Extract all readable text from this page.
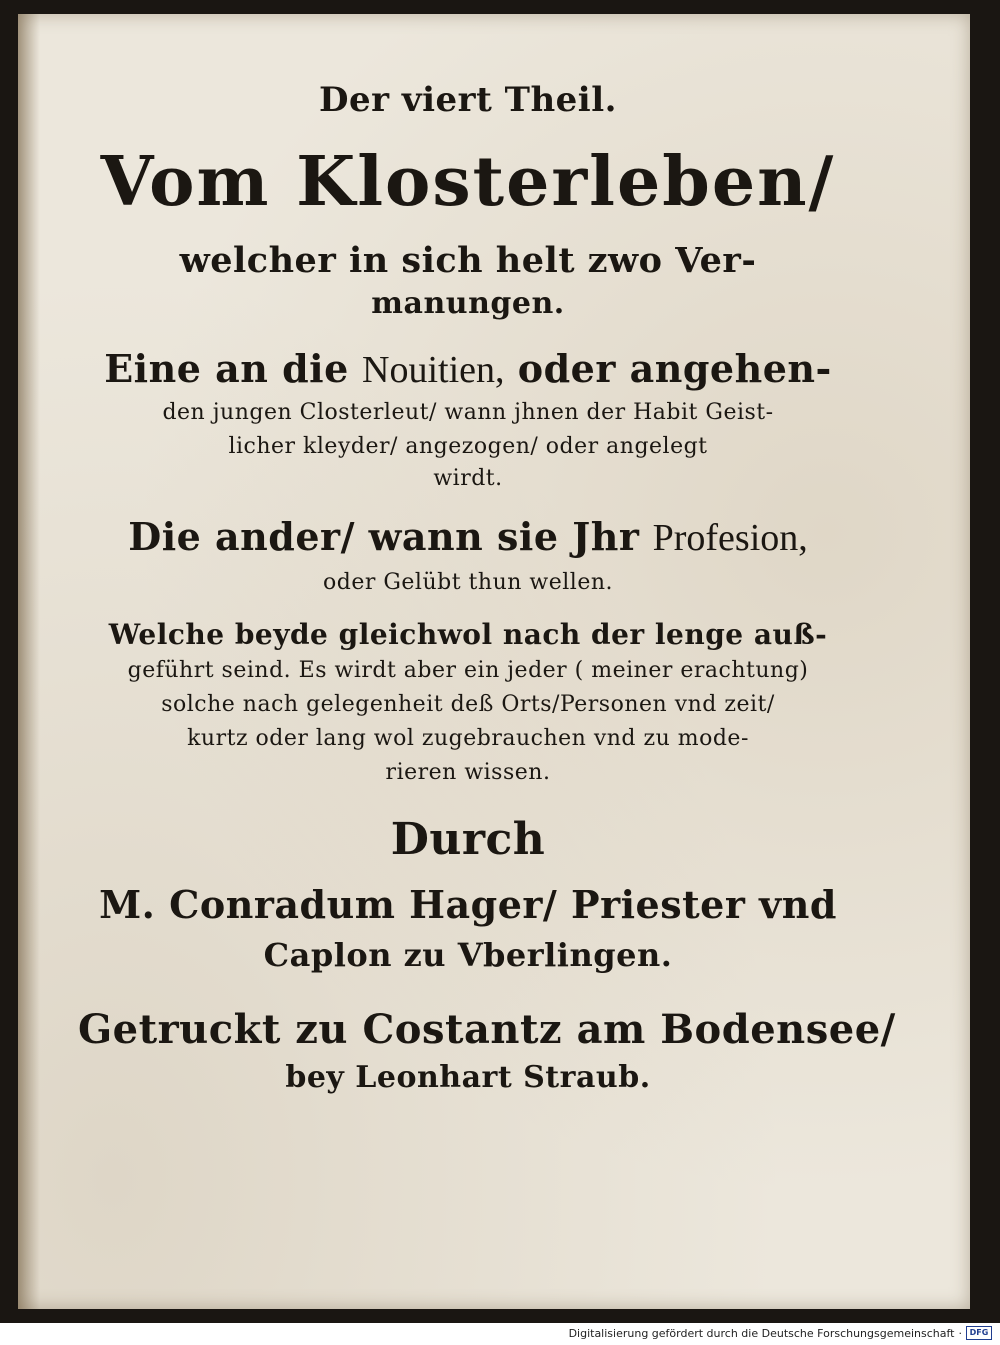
Der viert Theil.
Vom Klosterleben/
welcher in sich helt zwo Ver-
manungen.
Eine an die Nouitien, oder angehen-
den jungen Closterleut/ wann jhnen der Habit Geist-
licher kleyder/ angezogen/ oder angelegt
wirdt.
Die ander/ wann sie Jhr Profesion,
oder Gelübt thun wellen.
Welche beyde gleichwol nach der lenge auß-
geführt seind. Es wirdt aber ein jeder ( meiner erachtung)
solche nach gelegenheit deß Orts/Personen vnd zeit/
kurtz oder lang wol zugebrauchen vnd zu mode-
rieren wissen.
Durch
M. Conradum Hager/ Priester vnd
Caplon zu Vberlingen.
Getruckt zu Costantz am Bodensee/
bey Leonhart Straub.
Digitalisierung gefördert durch die Deutsche Forschungsgemeinschaft · DFG
